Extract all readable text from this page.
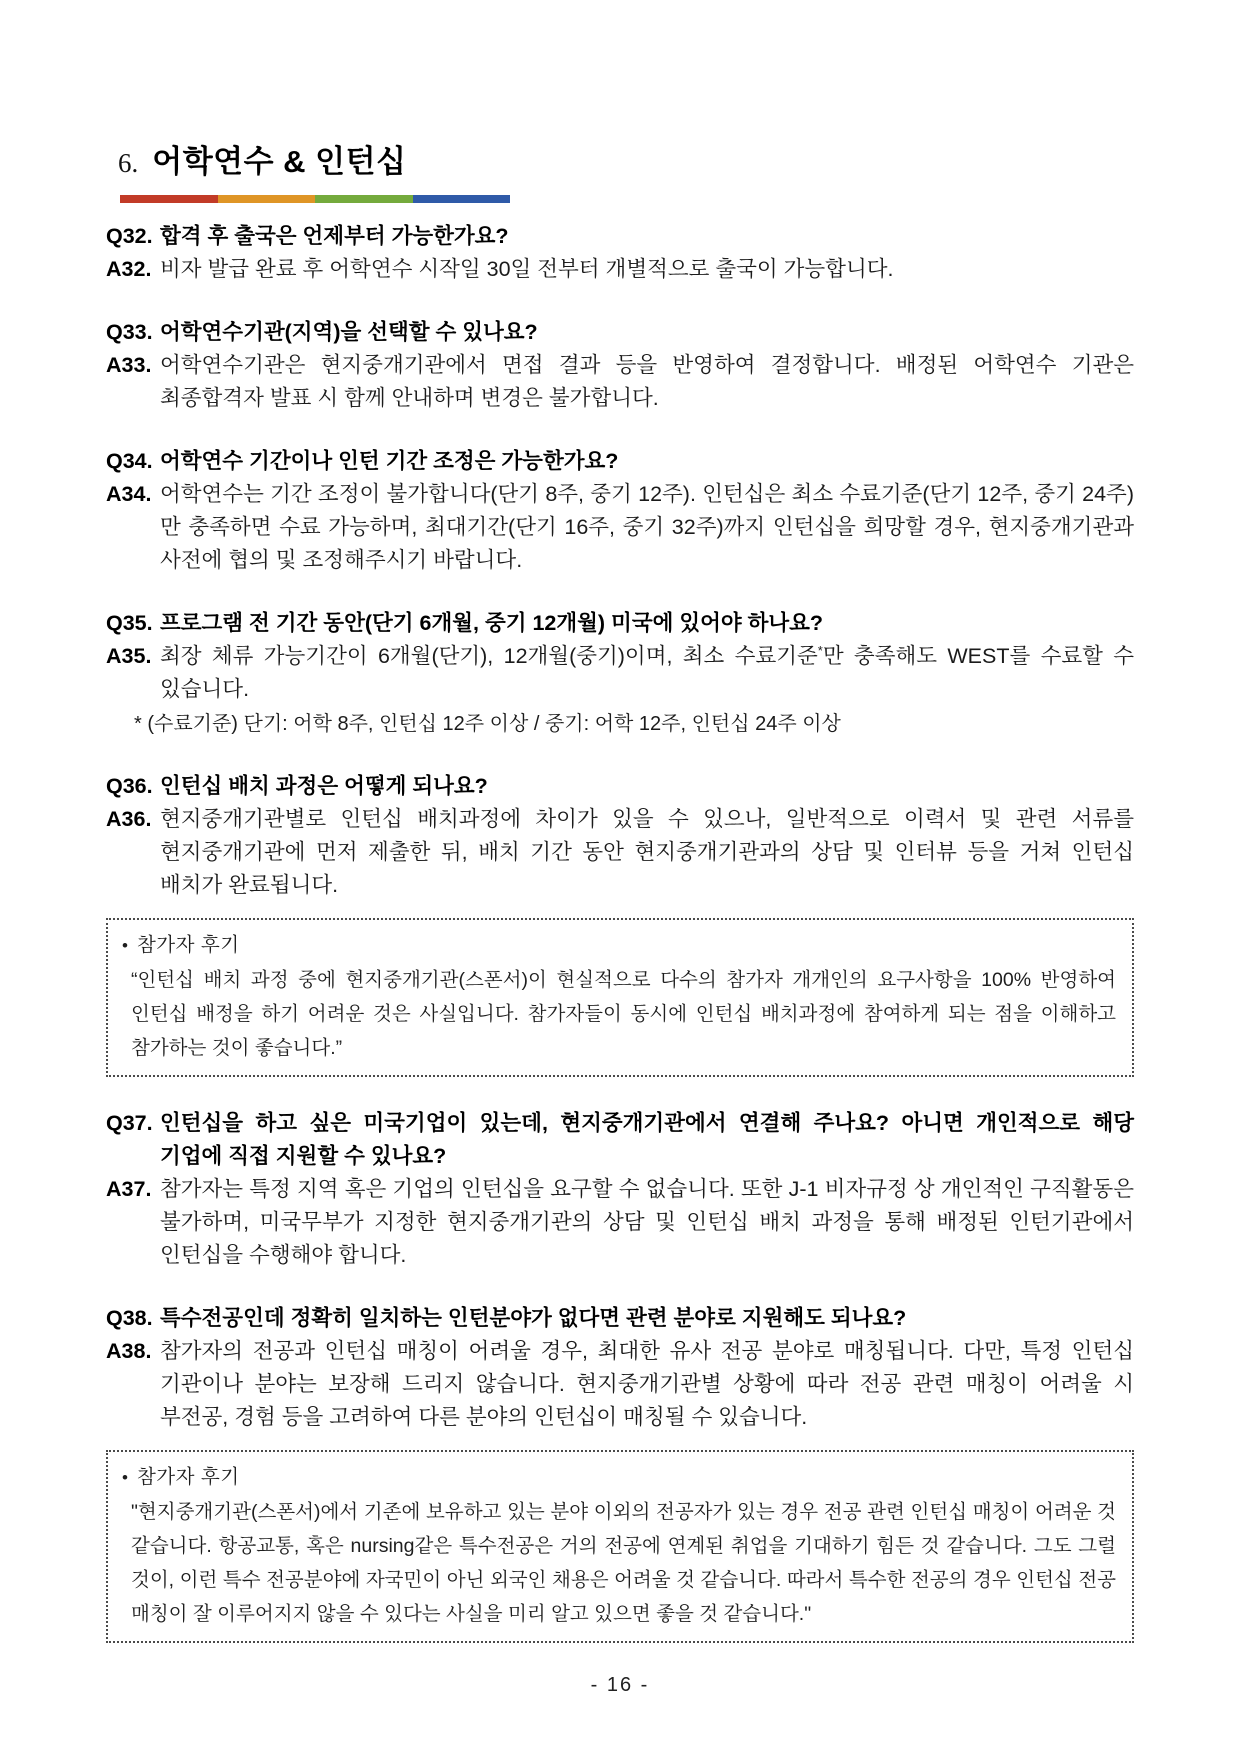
6. 어학연수 & 인턴십
Q32. 합격 후 출국은 언제부터 가능한가요?
A32. 비자 발급 완료 후 어학연수 시작일 30일 전부터 개별적으로 출국이 가능합니다.
Q33. 어학연수기관(지역)을 선택할 수 있나요?
A33. 어학연수기관은 현지중개기관에서 면접 결과 등을 반영하여 결정합니다. 배정된 어학연수 기관은 최종합격자 발표 시 함께 안내하며 변경은 불가합니다.
Q34. 어학연수 기간이나 인턴 기간 조정은 가능한가요?
A34. 어학연수는 기간 조정이 불가합니다(단기 8주, 중기 12주). 인턴십은 최소 수료기준(단기 12주, 중기 24주)만 충족하면 수료 가능하며, 최대기간(단기 16주, 중기 32주)까지 인턴십을 희망할 경우, 현지중개기관과 사전에 협의 및 조정해주시기 바랍니다.
Q35. 프로그램 전 기간 동안(단기 6개월, 중기 12개월) 미국에 있어야 하나요?
A35. 최장 체류 가능기간이 6개월(단기), 12개월(중기)이며, 최소 수료기준*만 충족해도 WEST를 수료할 수 있습니다.
* (수료기준) 단기: 어학 8주, 인턴십 12주 이상 / 중기: 어학 12주, 인턴십 24주 이상
Q36. 인턴십 배치 과정은 어떻게 되나요?
A36. 현지중개기관별로 인턴십 배치과정에 차이가 있을 수 있으나, 일반적으로 이력서 및 관련 서류를 현지중개기관에 먼저 제출한 뒤, 배치 기간 동안 현지중개기관과의 상담 및 인터뷰 등을 거쳐 인턴십 배치가 완료됩니다.
• 참가자 후기
“인턴십 배치 과정 중에 현지중개기관(스폰서)이 현실적으로 다수의 참가자 개개인의 요구사항을 100% 반영하여 인턴십 배정을 하기 어려운 것은 사실입니다. 참가자들이 동시에 인턴십 배치과정에 참여하게 되는 점을 이해하고 참가하는 것이 좋습니다.”
Q37. 인턴십을 하고 싶은 미국기업이 있는데, 현지중개기관에서 연결해 주나요? 아니면 개인적으로 해당 기업에 직접 지원할 수 있나요?
A37. 참가자는 특정 지역 혹은 기업의 인턴십을 요구할 수 없습니다. 또한 J-1 비자규정 상 개인적인 구직활동은 불가하며, 미국무부가 지정한 현지중개기관의 상담 및 인턴십 배치 과정을 통해 배정된 인턴기관에서 인턴십을 수행해야 합니다.
Q38. 특수전공인데 정확히 일치하는 인턴분야가 없다면 관련 분야로 지원해도 되나요?
A38. 참가자의 전공과 인턴십 매칭이 어려울 경우, 최대한 유사 전공 분야로 매칭됩니다. 다만, 특정 인턴십 기관이나 분야는 보장해 드리지 않습니다. 현지중개기관별 상황에 따라 전공 관련 매칭이 어려울 시 부전공, 경험 등을 고려하여 다른 분야의 인턴십이 매칭될 수 있습니다.
• 참가자 후기
"현지중개기관(스폰서)에서 기존에 보유하고 있는 분야 이외의 전공자가 있는 경우 전공 관련 인턴십 매칭이 어려운 것 같습니다. 항공교통, 혹은 nursing같은 특수전공은 거의 전공에 연계된 취업을 기대하기 힘든 것 같습니다. 그도 그럴 것이, 이런 특수 전공분야에 자국민이 아닌 외국인 채용은 어려울 것 같습니다. 따라서 특수한 전공의 경우 인턴십 전공 매칭이 잘 이루어지지 않을 수 있다는 사실을 미리 알고 있으면 좋을 것 같습니다."
- 16 -
